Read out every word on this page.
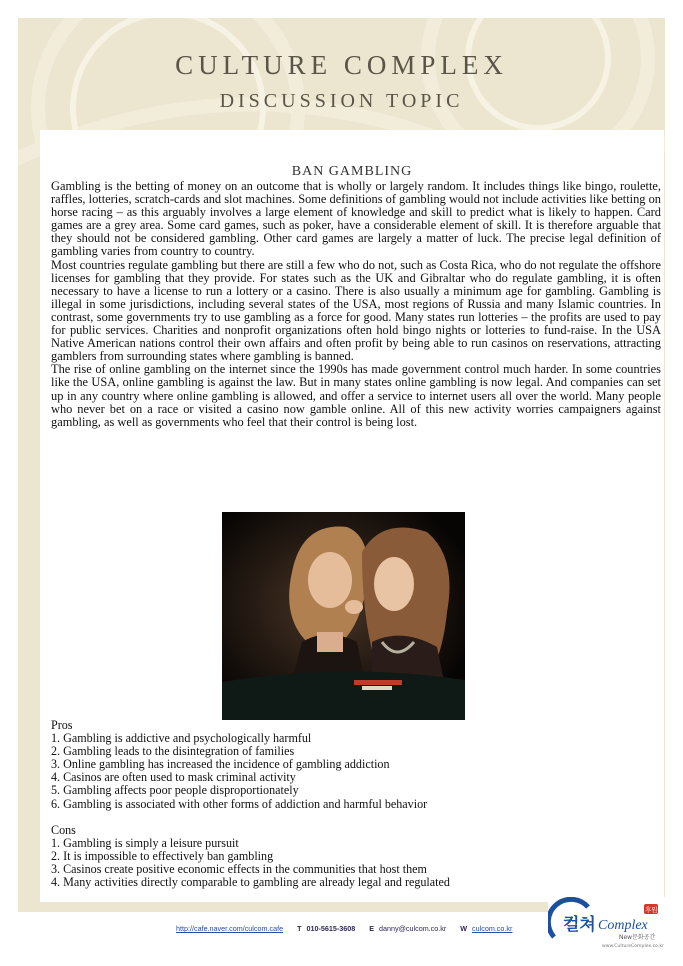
CULTURE COMPLEX
DISCUSSION TOPIC
BAN GAMBLING

Gambling is the betting of money on an outcome that is wholly or largely random. It includes things like bingo, roulette, raffles, lotteries, scratch-cards and slot machines. Some definitions of gambling would not include activities like betting on horse racing – as this arguably involves a large element of knowledge and skill to predict what is likely to happen. Card games are a grey area. Some card games, such as poker, have a considerable element of skill. It is therefore arguable that they should not be considered gambling. Other card games are largely a matter of luck. The precise legal definition of gambling varies from country to country.

Most countries regulate gambling but there are still a few who do not, such as Costa Rica, who do not regulate the offshore licenses for gambling that they provide. For states such as the UK and Gibraltar who do regulate gambling, it is often necessary to have a license to run a lottery or a casino. There is also usually a minimum age for gambling. Gambling is illegal in some jurisdictions, including several states of the USA, most regions of Russia and many Islamic countries. In contrast, some governments try to use gambling as a force for good. Many states run lotteries – the profits are used to pay for public services. Charities and nonprofit organizations often hold bingo nights or lotteries to fund-raise. In the USA Native American nations control their own affairs and often profit by being able to run casinos on reservations, attracting gamblers from surrounding states where gambling is banned.

The rise of online gambling on the internet since the 1990s has made government control much harder. In some countries like the USA, online gambling is against the law. But in many states online gambling is now legal. And companies can set up in any country where online gambling is allowed, and offer a service to internet users all over the world. Many people who never bet on a race or visited a casino now gamble online. All of this new activity worries campaigners against gambling, as well as governments who feel that their control is being lost.

Pros
1. Gambling is addictive and psychologically harmful
2. Gambling leads to the disintegration of families
3. Online gambling has increased the incidence of gambling addiction
4. Casinos are often used to mask criminal activity
5. Gambling affects poor people disproportionately
6. Gambling is associated with other forms of addiction and harmful behavior
Cons
1. Gambling is simply a leisure pursuit
2. It is impossible to effectively ban gambling
3. Casinos create positive economic effects in the communities that host them
4. Many activities directly comparable to gambling are already legal and regulated
http://cafe.naver.com/culcom.cafe T 010-5615-3608 E danny@culcom.co.kr W culcom.co.kr	컬쳐 Complex
후원
New문화공간
www.CultureComplex.co.kr
